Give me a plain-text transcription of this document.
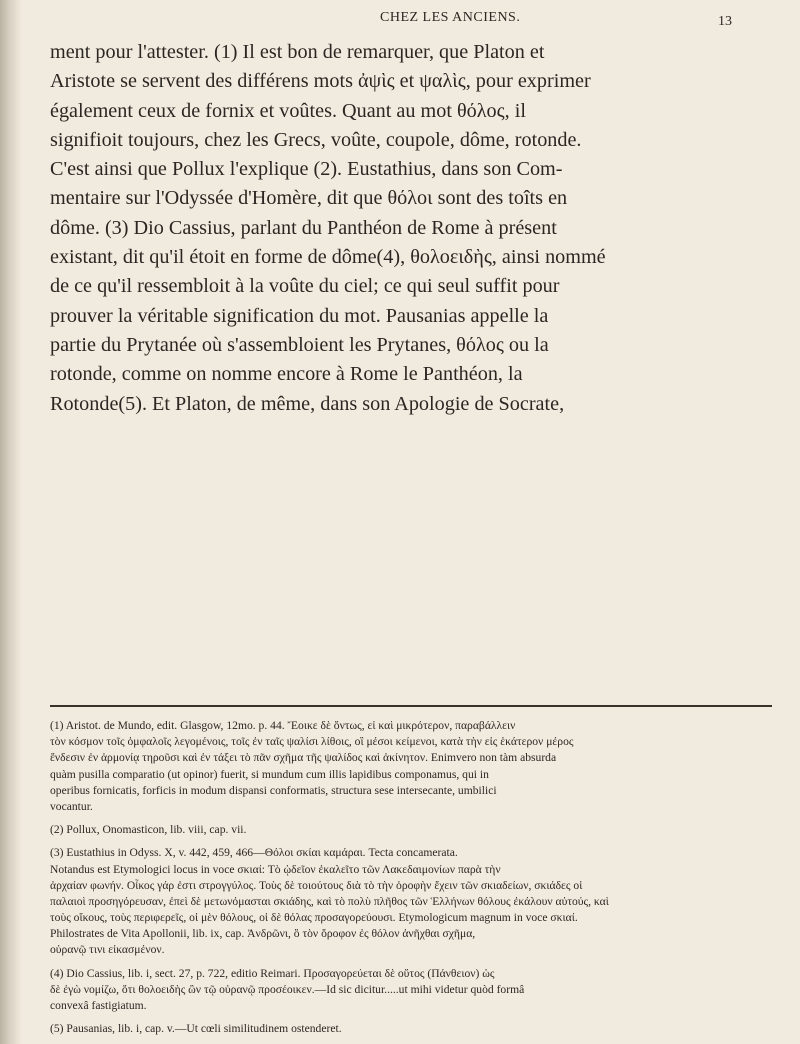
CHEZ LES ANCIENS.	13
ment pour l'attester. (1) Il est bon de remarquer, que Platon et
Aristote se servent des différens mots ἀψὶς et ψαλὶς, pour exprimer
également ceux de fornix et voûtes. Quant au mot θόλος, il
signifioit toujours, chez les Grecs, voûte, coupole, dôme, rotonde.
C'est ainsi que Pollux l'explique (2). Eustathius, dans son Com-
mentaire sur l'Odyssée d'Homère, dit que θόλοι sont des toîts en
dôme. (3) Dio Cassius, parlant du Panthéon de Rome à présent
existant, dit qu'il étoit en forme de dôme(4), θολοειδὴς, ainsi nommé
de ce qu'il ressembloit à la voûte du ciel; ce qui seul suffit pour
prouver la véritable signification du mot. Pausanias appelle la
partie du Prytanée où s'assembloient les Prytanes, θόλος ou la
rotonde, comme on nomme encore à Rome le Panthéon, la
Rotonde(5). Et Platon, de même, dans son Apologie de Socrate,
(1) Aristot. de Mundo, edit. Glasgow, 12mo. p. 44. Ἔοικε δὲ ὄντως, εἰ καὶ μικρότερον, παραβάλλειν
τὸν κόσμον τοῖς ὀμφαλοῖς λεγομένοις, τοῖς ἐν ταῖς ψαλίσι λίθοις, οἳ μέσοι κείμενοι, κατὰ τὴν εἰς ἑκάτερον μέρος
ἔνδεσιν ἐν ἁρμονίᾳ τηροῦσι καὶ ἐν τάξει τὸ πᾶν σχῆμα τῆς ψαλίδος καὶ ἀκίνητον. Enimvero non tàm absurda
quàm pusilla comparatio (ut opinor) fuerit, si mundum cum illis lapidibus componamus, qui in
operibus fornicatis, forficis in modum dispansi conformatis, structura sese intersecante, umbilici
vocantur.
(2) Pollux, Onomasticon, lib. viii, cap. vii.
(3) Eustathius in Odyss. X, v. 442, 459, 466—Θόλοι σκίαι καμάραι. Tecta concamerata.
Notandus est Etymologici locus in voce σκιαί: Τὸ ᾠδεῖον ἐκαλεῖτο τῶν Λακεδαιμονίων παρὰ τὴν
ἀρχαίαν φωνήν. Οἶκος γάρ ἐστι στρογγύλος. Τοὺς δὲ τοιούτους διὰ τὸ τὴν ὀροφὴν ἔχειν τῶν σκιαδείων, σκιάδες οἱ
παλαιοὶ προσηγόρευσαν, ἐπεὶ δὲ μετωνόμασται σκιάδης, καὶ τὸ πολὺ πλῆθος τῶν Ἑλλήνων θόλους ἐκάλουν αὐτούς, καὶ
τοὺς οἴκους, τοὺς περιφερεῖς, οἱ μὲν θόλους, οἱ δὲ θόλας προσαγορεύουσι. Etymologicum magnum in voce σκιαί.
Philostrates de Vita Apollonii, lib. ix, cap. Ἀνδρῶνι, ὃ τὸν ὄροφον ἐς θόλον ἀνῆχθαι σχῆμα,
οὐρανῷ τινι εἰκασμένον.
(4) Dio Cassius, lib. i, sect. 27, p. 722, editio Reimari. Προσαγορεύεται δὲ οὕτος (Πάνθειον) ὡς
δὲ ἐγὼ νομίζω, ὅτι θολοειδὴς ὢν τῷ οὐρανῷ προσέοικεν.—Id sic dicitur.....ut mihi videtur quòd formâ
convexâ fastigiatum.
(5) Pausanias, lib. i, cap. v.—Ut cœli similitudinem ostenderet.
